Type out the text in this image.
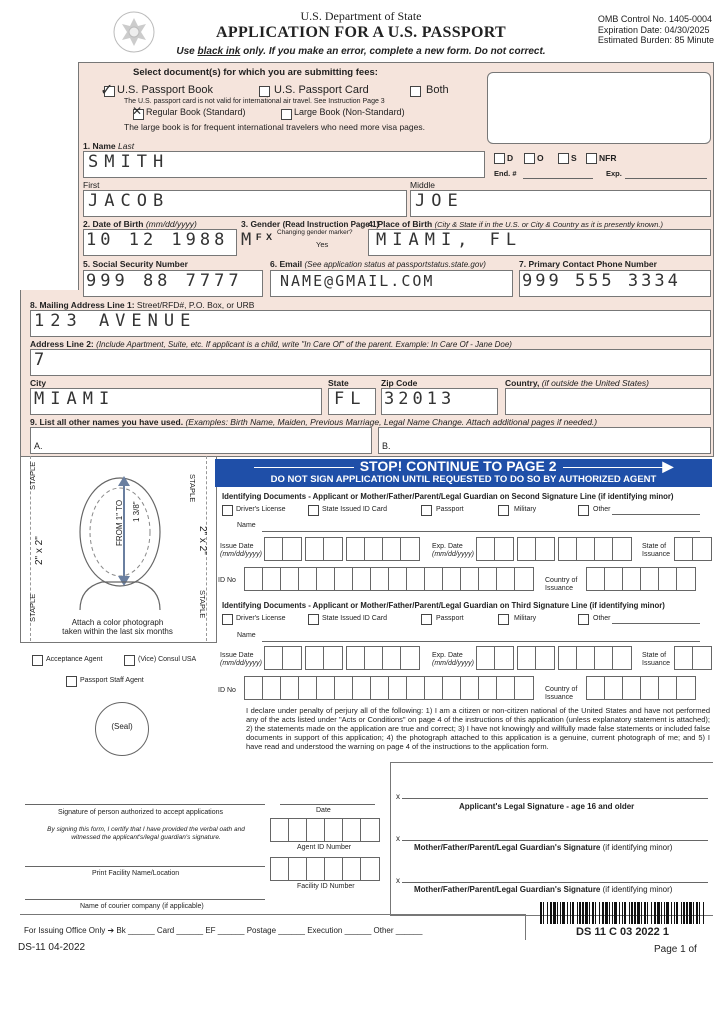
U.S. Department of State
APPLICATION FOR A U.S. PASSPORT
Use black ink only. If you make an error, complete a new form. Do not correct.
OMB Control No. 1405-0004
Expiration Date: 04/30/2025
Estimated Burden: 85 Minute
Select document(s) for which you are submitting fees:
✓ U.S. Passport Book	U.S. Passport Card	Both
The U.S. passport card is not valid for international air travel. See Instruction Page 3
✕ Regular Book (Standard)	Large Book (Non-Standard)
The large book is for frequent international travelers who need more visa pages.
D	O	S	NFR
End. #	Exp.
1. Name Last
SMITH
First
JACOB
Middle
JOE
2. Date of Birth (mm/dd/yyyy)
10 12 1988
3. Gender (Read Instruction Page 1)
M F X Changing gender marker?
Yes
4. Place of Birth (City & State if in the U.S. or City & Country as it is presently known.)
MIAMI, FL
5. Social Security Number
999 88 7777
6. Email (See application status at passportstatus.state.gov)
NAME@GMAIL.COM
7. Primary Contact Phone Number
999 555 3334
8. Mailing Address Line 1: Street/RFD#, P.O. Box, or URB
123 AVENUE
Address Line 2: (Include Apartment, Suite, etc. If applicant is a child, write "In Care Of" of the parent. Example: In Care Of - Jane Doe)
7
City
MIAMI
State
FL
Zip Code
32013
Country, (if outside the United States)
9. List all other names you have used. (Examples: Birth Name, Maiden, Previous Marriage, Legal Name Change. Attach additional pages if needed.)
A.	B.
STAPLE
STAPLE
STAPLE
STAPLE
2" x 2"	2" x 2"
FROM 1" TO 1 3/8"
Attach a color photograph
taken within the last six months
STOP! CONTINUE TO PAGE 2	▶
DO NOT SIGN APPLICATION UNTIL REQUESTED TO DO SO BY AUTHORIZED AGENT
Identifying Documents - Applicant or Mother/Father/Parent/Legal Guardian on Second Signature Line (if identifying minor)
Identifying Documents - Applicant or Mother/Father/Parent/Legal Guardian on Third Signature Line (if identifying minor)
Driver's License	State Issued ID Card	Passport	Military	Other
Name
Issue Date
(mm/dd/yyyy)
Exp. Date
(mm/dd/yyyy)
State of
Issuance
ID No	Country of
Issuance
Driver's License	State Issued ID Card	Passport	Military	Other
Name
Issue Date
(mm/dd/yyyy)
Exp. Date
(mm/dd/yyyy)
State of
Issuance
ID No	Country of
Issuance
Acceptance Agent	(Vice) Consul USA
Passport Staff Agent
(Seal)
I declare under penalty of perjury all of the following: 1) I am a citizen or non-citizen national of the United States and have not performed any of the acts listed under "Acts or Conditions" on page 4 of the instructions of this application (unless explanatory statement is attached); 2) the statements made on the application are true and correct; 3) I have not knowingly and willfully made false statements or included false documents in support of this application; 4) the photograph attached to this application is a genuine, current photograph of me; and 5) I have read and understood the warning on page 4 of the instructions to the application form.
Signature of person authorized to accept applications	Date
By signing this form, I certify that I have provided the verbal oath and witnessed the applicant's/legal guardian's signature.
Agent ID Number
Print Facility Name/Location
Facility ID Number
Name of courier company (if applicable)
x
Applicant's Legal Signature - age 16 and older
x
Mother/Father/Parent/Legal Guardian's Signature (if identifying minor)
x
Mother/Father/Parent/Legal Guardian's Signature (if identifying minor)
For Issuing Office Only ➔ Bk ______ Card ______ EF ______ Postage ______ Execution ______ Other ______	DS 11 C 03 2022 1
DS-11 04-2022	Page 1 of
